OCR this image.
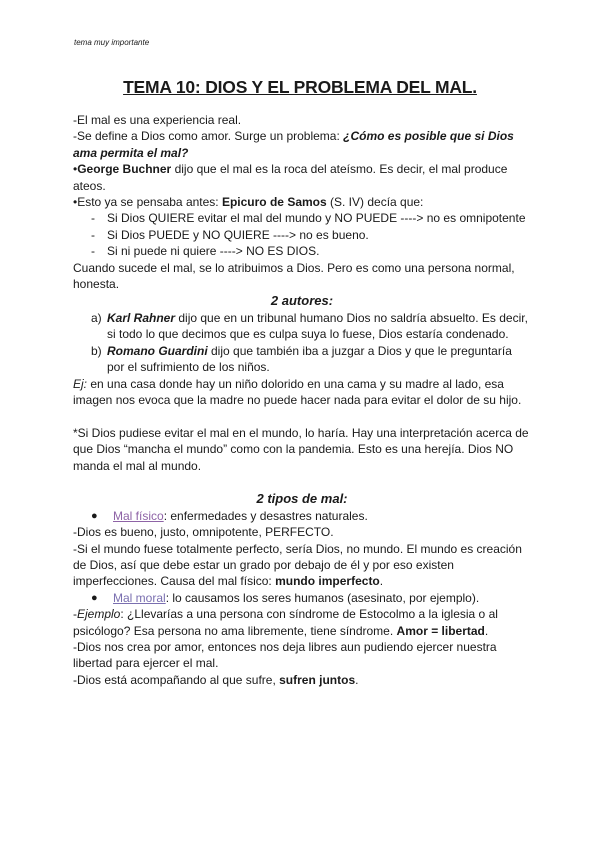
tema muy importante
TEMA 10: DIOS Y EL PROBLEMA DEL MAL.

-El mal es una experiencia real.

-Se define a Dios como amor. Surge un problema: ¿Cómo es posible que si Dios ama permita el mal?

•George Buchner dijo que el mal es la roca del ateísmo. Es decir, el mal produce ateos.

•Esto ya se pensaba antes: Epicuro de Samos (S. IV) decía que:

- Si Dios QUIERE evitar el mal del mundo y NO PUEDE ----> no es omnipotente
- Si Dios PUEDE y NO QUIERE ----> no es bueno.
- Si ni puede ni quiere ----> NO ES DIOS.

Cuando sucede el mal, se lo atribuimos a Dios. Pero es como una persona normal, honesta.

2 autores:
a) Karl Rahner dijo que en un tribunal humano Dios no saldría absuelto. Es decir, si todo lo que decimos que es culpa suya lo fuese, Dios estaría condenado.
b) Romano Guardini dijo que también iba a juzgar a Dios y que le preguntaría por el sufrimiento de los niños.

Ej: en una casa donde hay un niño dolorido en una cama y su madre al lado, esa imagen nos evoca que la madre no puede hacer nada para evitar el dolor de su hijo.

*Si Dios pudiese evitar el mal en el mundo, lo haría. Hay una interpretación acerca de que Dios “mancha el mundo” como con la pandemia. Esto es una herejía. Dios NO manda el mal al mundo.

2 tipos de mal:
● Mal físico: enfermedades y desastres naturales.

-Dios es bueno, justo, omnipotente, PERFECTO.

-Si el mundo fuese totalmente perfecto, sería Dios, no mundo. El mundo es creación de Dios, así que debe estar un grado por debajo de él y por eso existen imperfecciones. Causa del mal físico: mundo imperfecto.

● Mal moral: lo causamos los seres humanos (asesinato, por ejemplo).

-Ejemplo: ¿Llevarías a una persona con síndrome de Estocolmo a la iglesia o al psicólogo? Esa persona no ama libremente, tiene síndrome. Amor = libertad.

-Dios nos crea por amor, entonces nos deja libres aun pudiendo ejercer nuestra libertad para ejercer el mal.

-Dios está acompañando al que sufre, sufren juntos.
